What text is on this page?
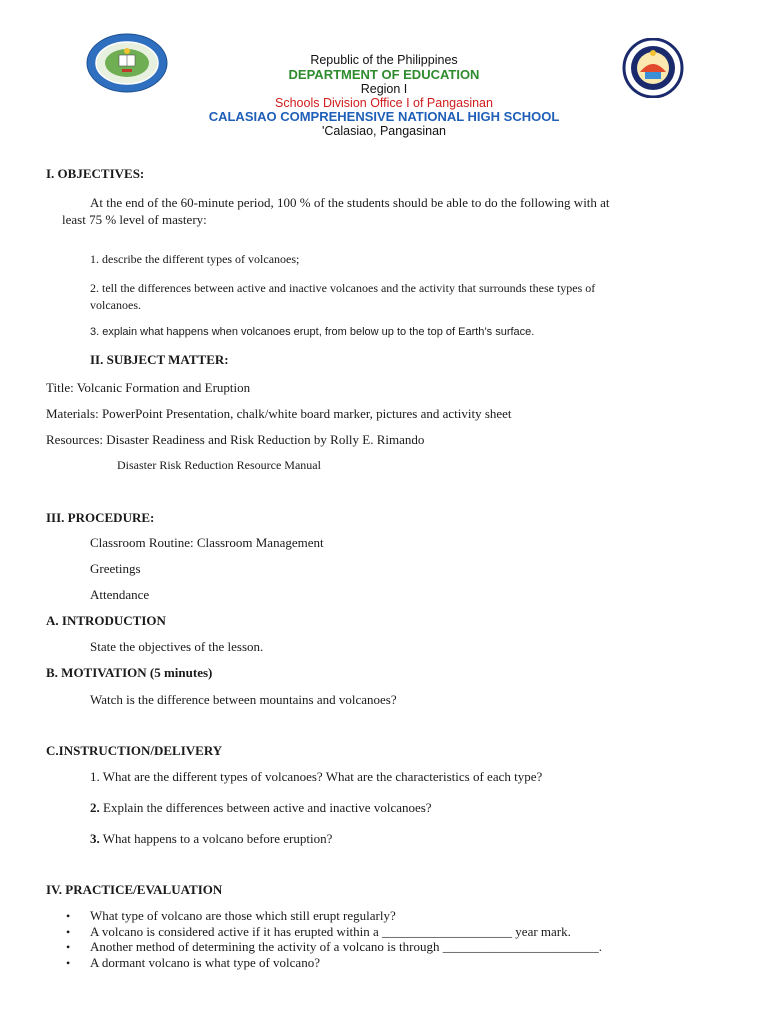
Republic of the Philippines
DEPARTMENT OF EDUCATION
Region I
Schools Division Office I of Pangasinan
CALASIAO COMPREHENSIVE NATIONAL HIGH SCHOOL
'Calasiao, Pangasinan
I. OBJECTIVES:
At the end of the 60-minute period, 100 % of the students should be able to do the following with at
least 75 % level of mastery:
1. describe the different types of volcanoes;
2. tell the differences between active and inactive volcanoes and the activity that surrounds these types of
volcanoes.
3. explain what happens when volcanoes erupt, from below up to the top of Earth’s surface.
II. SUBJECT MATTER:
Title: Volcanic Formation and Eruption
Materials: PowerPoint Presentation, chalk/white board marker, pictures and activity sheet
Resources: Disaster Readiness and Risk Reduction by Rolly E. Rimando
Disaster Risk Reduction Resource Manual
III. PROCEDURE:
Classroom Routine: Classroom Management
Greetings
Attendance
A. INTRODUCTION
State the objectives of the lesson.
B. MOTIVATION (5 minutes)
Watch is the difference between mountains and volcanoes?
C.INSTRUCTION/DELIVERY
1. What are the different types of volcanoes? What are the characteristics of each type?
2. Explain the differences between active and inactive volcanoes?
3. What happens to a volcano before eruption?
IV. PRACTICE/EVALUATION
• What type of volcano are those which still erupt regularly?
• A volcano is considered active if it has erupted within a ____________________ year mark.
• Another method of determining the activity of a volcano is through ________________________.
• A dormant volcano is what type of volcano?
